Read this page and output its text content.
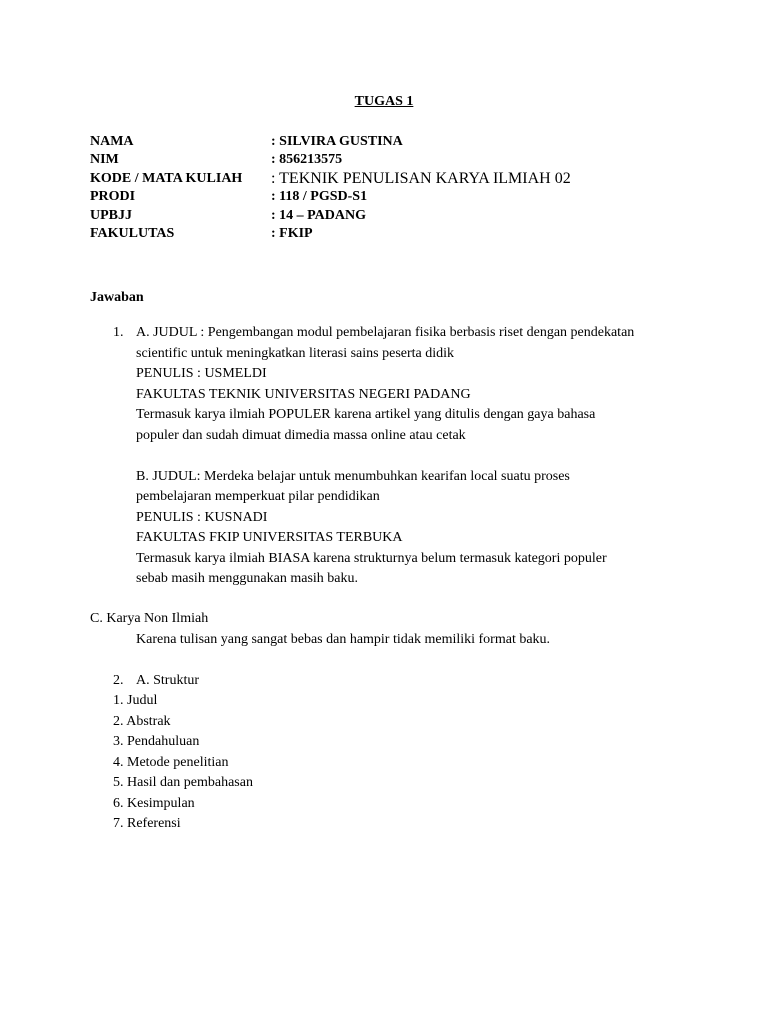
TUGAS 1
NAMA	: SILVIRA GUSTINA
NIM	: 856213575
KODE / MATA KULIAH	: TEKNIK PENULISAN KARYA ILMIAH 02
PRODI	: 118 / PGSD-S1
UPBJJ	: 14 – PADANG
FAKULUTAS	: FKIP
Jawaban
1. A. JUDUL : Pengembangan modul pembelajaran fisika berbasis riset dengan pendekatan
scientific untuk meningkatkan literasi sains peserta didik
PENULIS : USMELDI
FAKULTAS TEKNIK UNIVERSITAS NEGERI PADANG
Termasuk karya ilmiah POPULER karena artikel yang ditulis dengan gaya bahasa
populer dan sudah dimuat dimedia massa online atau cetak
B. JUDUL: Merdeka belajar untuk menumbuhkan kearifan local suatu proses
pembelajaran memperkuat pilar pendidikan
PENULIS : KUSNADI
FAKULTAS FKIP UNIVERSITAS TERBUKA
Termasuk karya ilmiah BIASA karena strukturnya belum termasuk kategori populer
sebab masih menggunakan masih baku.
C. Karya Non Ilmiah
Karena tulisan yang sangat bebas dan hampir tidak memiliki format baku.
2. A. Struktur
1. Judul
2. Abstrak
3. Pendahuluan
4. Metode penelitian
5. Hasil dan pembahasan
6. Kesimpulan
7. Referensi
